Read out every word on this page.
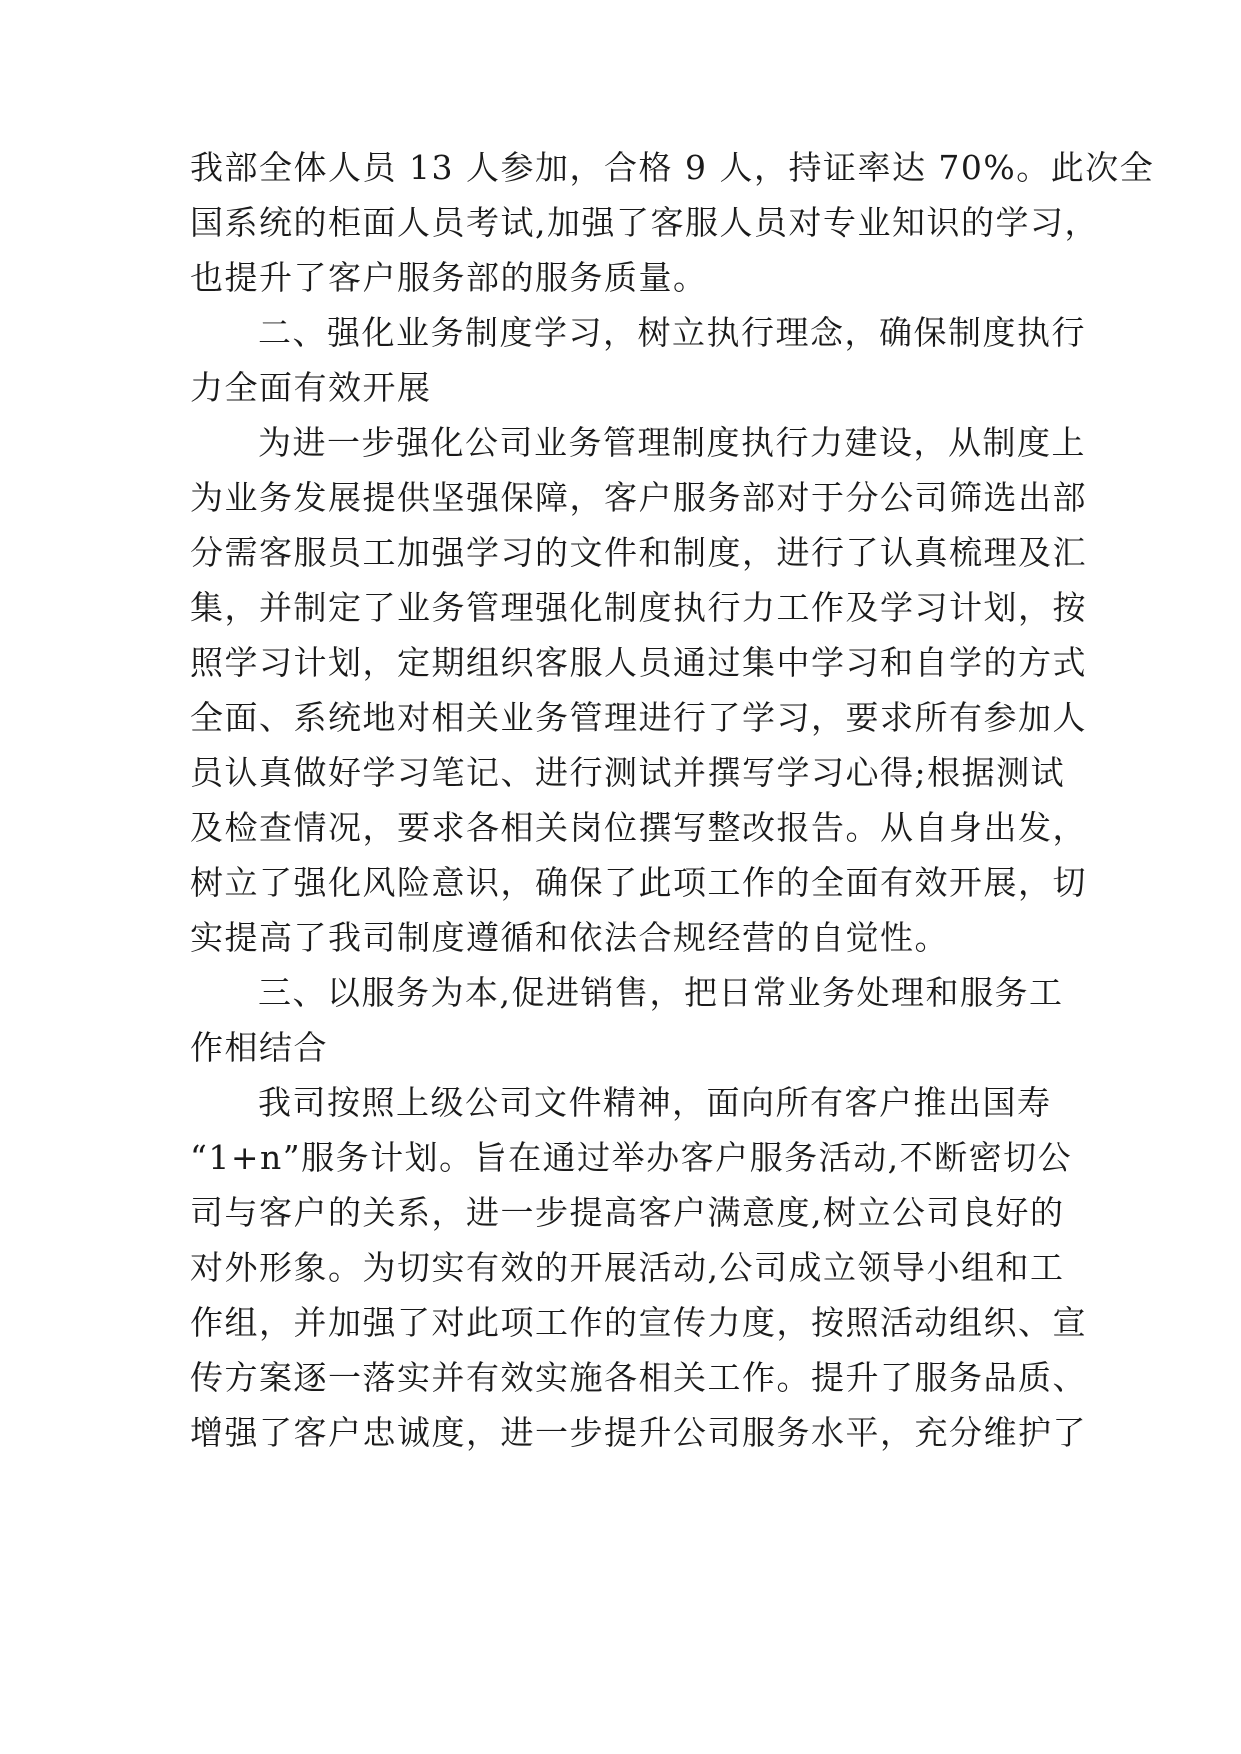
我部全体人员 13 人参加，合格 9 人，持证率达 70%。此次全
国系统的柜面人员考试,加强了客服人员对专业知识的学习，
也提升了客户服务部的服务质量。
二、强化业务制度学习，树立执行理念，确保制度执行
力全面有效开展
为进一步强化公司业务管理制度执行力建设，从制度上
为业务发展提供坚强保障，客户服务部对于分公司筛选出部
分需客服员工加强学习的文件和制度，进行了认真梳理及汇
集，并制定了业务管理强化制度执行力工作及学习计划，按
照学习计划，定期组织客服人员通过集中学习和自学的方式
全面、系统地对相关业务管理进行了学习，要求所有参加人
员认真做好学习笔记、进行测试并撰写学习心得;根据测试
及检查情况，要求各相关岗位撰写整改报告。从自身出发，
树立了强化风险意识，确保了此项工作的全面有效开展，切
实提高了我司制度遵循和依法合规经营的自觉性。
三、以服务为本,促进销售，把日常业务处理和服务工
作相结合
我司按照上级公司文件精神，面向所有客户推出国寿
“1+n”服务计划。旨在通过举办客户服务活动,不断密切公
司与客户的关系，进一步提高客户满意度,树立公司良好的
对外形象。为切实有效的开展活动,公司成立领导小组和工
作组，并加强了对此项工作的宣传力度，按照活动组织、宣
传方案逐一落实并有效实施各相关工作。提升了服务品质、
增强了客户忠诚度，进一步提升公司服务水平，充分维护了
